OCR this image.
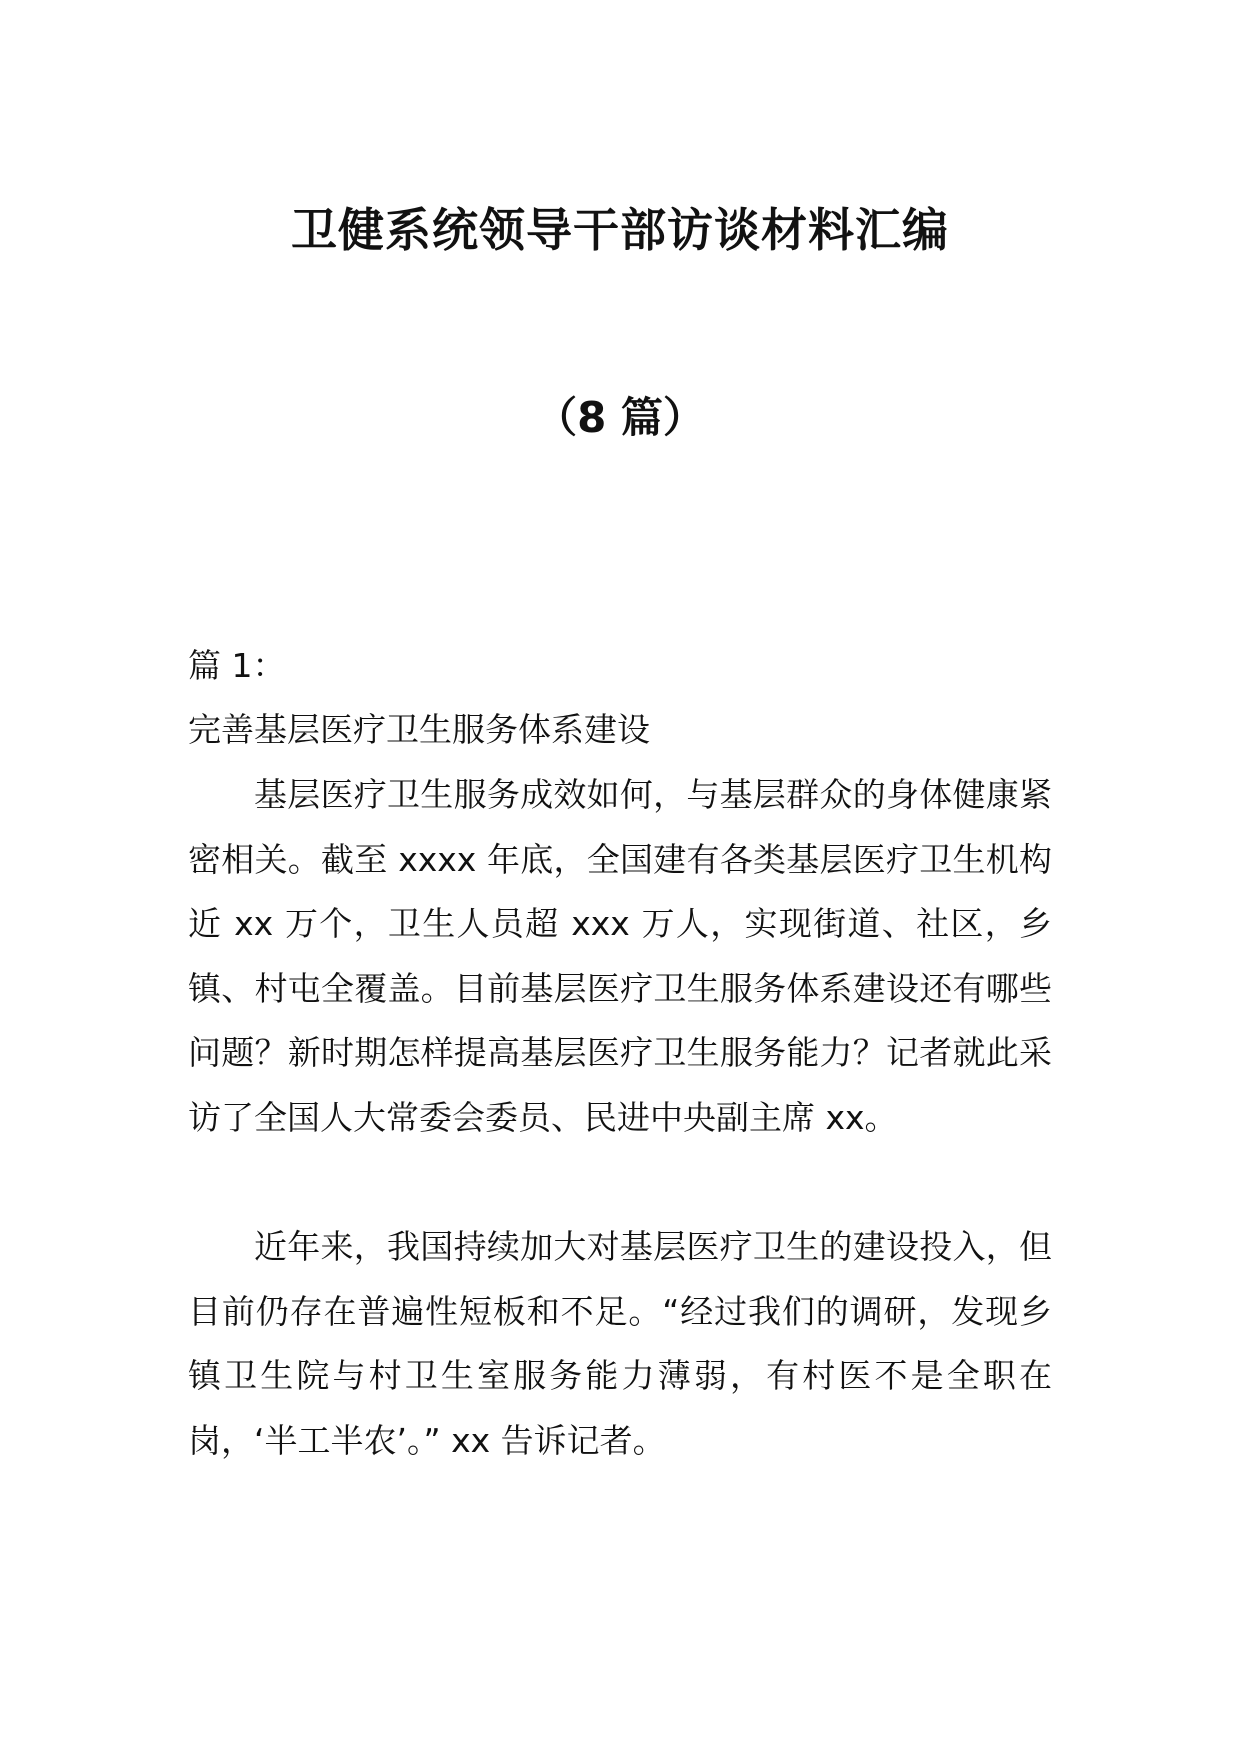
卫健系统领导干部访谈材料汇编
（8 篇）
篇 1：
完善基层医疗卫生服务体系建设

基层医疗卫生服务成效如何，与基层群众的身体健康紧密相关。截至 xxxx 年底，全国建有各类基层医疗卫生机构近 xx 万个，卫生人员超 xxx 万人，实现街道、社区，乡镇、村屯全覆盖。目前基层医疗卫生服务体系建设还有哪些问题？新时期怎样提高基层医疗卫生服务能力？记者就此采访了全国人大常委会委员、民进中央副主席 xx。

近年来，我国持续加大对基层医疗卫生的建设投入，但目前仍存在普遍性短板和不足。“经过我们的调研，发现乡镇卫生院与村卫生室服务能力薄弱，有村医不是全职在岗，‘半工半农’。” xx 告诉记者。
